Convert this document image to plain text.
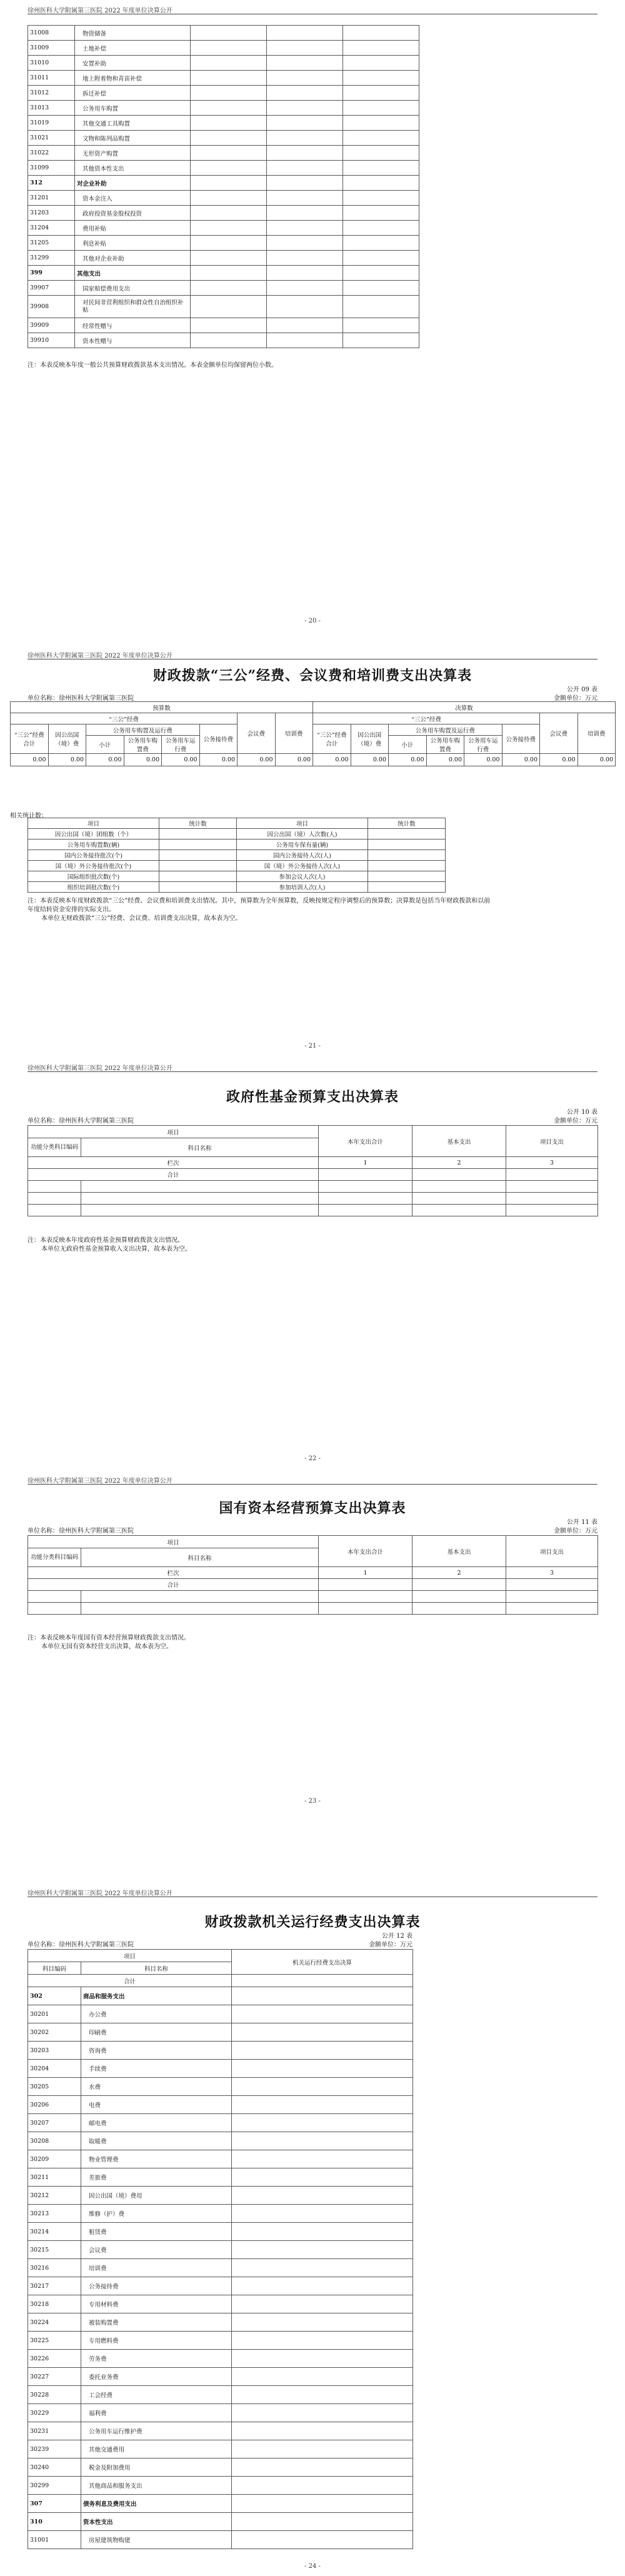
徐州医科大学附属第三医院 2022 年度单位决算公开
31008	物资储备			
31009	土地补偿			
31010	安置补助			
31011	地上附着物和青苗补偿			
31012	拆迁补偿			
31013	公务用车购置			
31019	其他交通工具购置			
31021	文物和陈列品购置			
31022	无形资产购置			
31099	其他资本性支出			
312	对企业补助			
31201	资本金注入			
31203	政府投资基金股权投资			
31204	费用补贴			
31205	利息补贴			
31299	其他对企业补助			
399	其他支出			
39907	国家赔偿费用支出			
39908	对民间非营利组织和群众性自治组织补贴			
39909	经常性赠与			
39910	资本性赠与			
注：本表反映本年度一般公共预算财政拨款基本支出情况。本表金额单位均保留两位小数。
- 20 -
徐州医科大学附属第三医院 2022 年度单位决算公开
财政拨款“三公”经费、会议费和培训费支出决算表
公开 09 表
单位名称：徐州医科大学附属第三医院	金额单位：万元
预算数								决算数							
“三公”经费						会议费	培训费	“三公”经费						会议费	培训费
“三公”经费合计	因公出国（境）费	公务用车购置及运行费			公务接待费			“三公”经费合计	因公出国（境）费	公务用车购置及运行费			公务接待费		
		小计	公务用车购置费	公务用车运行费						小计	公务用车购置费	公务用车运行费			
0.00	0.00	0.00	0.00	0.00	0.00	0.00	0.00	0.00	0.00	0.00	0.00	0.00	0.00	0.00	0.00
相关统计数：
项目	统计数	项目	统计数
因公出国（境）团组数（个）		因公出国（境）人次数(人)	
公务用车购置数(辆)		公务用车保有量(辆)	
国内公务接待批次(个)		国内公务接待人次(人)	
国（境）外公务接待批次(个)		国（境）外公务接待人次(人)	
国际组织批次数(个)		参加会议人次(人)	
组织培训批次数(个)		参加培训人次(人)	
注：本表反映本年度财政拨款“三公”经费、会议费和培训费支出情况。其中，预算数为全年预算数，反映按规定程序调整后的预算数；决算数是包括当年财政拨款和以前
年度结转资金安排的实际支出。
本单位无财政拨款“三公”经费、会议费、培训费支出决算，故本表为空。
- 21 -
徐州医科大学附属第三医院 2022 年度单位决算公开
政府性基金预算支出决算表
公开 10 表
单位名称：徐州医科大学附属第三医院	金额单位：万元
项目		本年支出合计	基本支出	项目支出
功能分类科目编码	科目名称			
栏次		1	2	3
合计				

注：本表反映本年度政府性基金预算财政拨款支出情况。
本单位无政府性基金预算收入支出决算，故本表为空。
- 22 -
徐州医科大学附属第三医院 2022 年度单位决算公开
国有资本经营预算支出决算表
公开 11 表
单位名称：徐州医科大学附属第三医院	金额单位：万元
项目		本年支出合计	基本支出	项目支出
功能分类科目编码	科目名称			
栏次		1	2	3
合计				

注：本表反映本年度国有资本经营预算财政拨款支出情况。
本单位无国有资本经营支出决算，故本表为空。
- 23 -
徐州医科大学附属第三医院 2022 年度单位决算公开
财政拨款机关运行经费支出决算表
公开 12 表
单位名称：徐州医科大学附属第三医院	金额单位：万元
项目		机关运行经费支出决算
科目编码	科目名称	
合计		
302	商品和服务支出	
30201	办公费	
30202	印刷费	
30203	咨询费	
30204	手续费	
30205	水费	
30206	电费	
30207	邮电费	
30208	取暖费	
30209	物业管理费	
30211	差旅费	
30212	因公出国（境）费用	
30213	维修（护）费	
30214	租赁费	
30215	会议费	
30216	培训费	
30217	公务接待费	
30218	专用材料费	
30224	被装购置费	
30225	专用燃料费	
30226	劳务费	
30227	委托业务费	
30228	工会经费	
30229	福利费	
30231	公务用车运行维护费	
30239	其他交通费用	
30240	税金及附加费用	
30299	其他商品和服务支出	
307	债务利息及费用支出	
310	资本性支出	
31001	房屋建筑物购建	
- 24 -
